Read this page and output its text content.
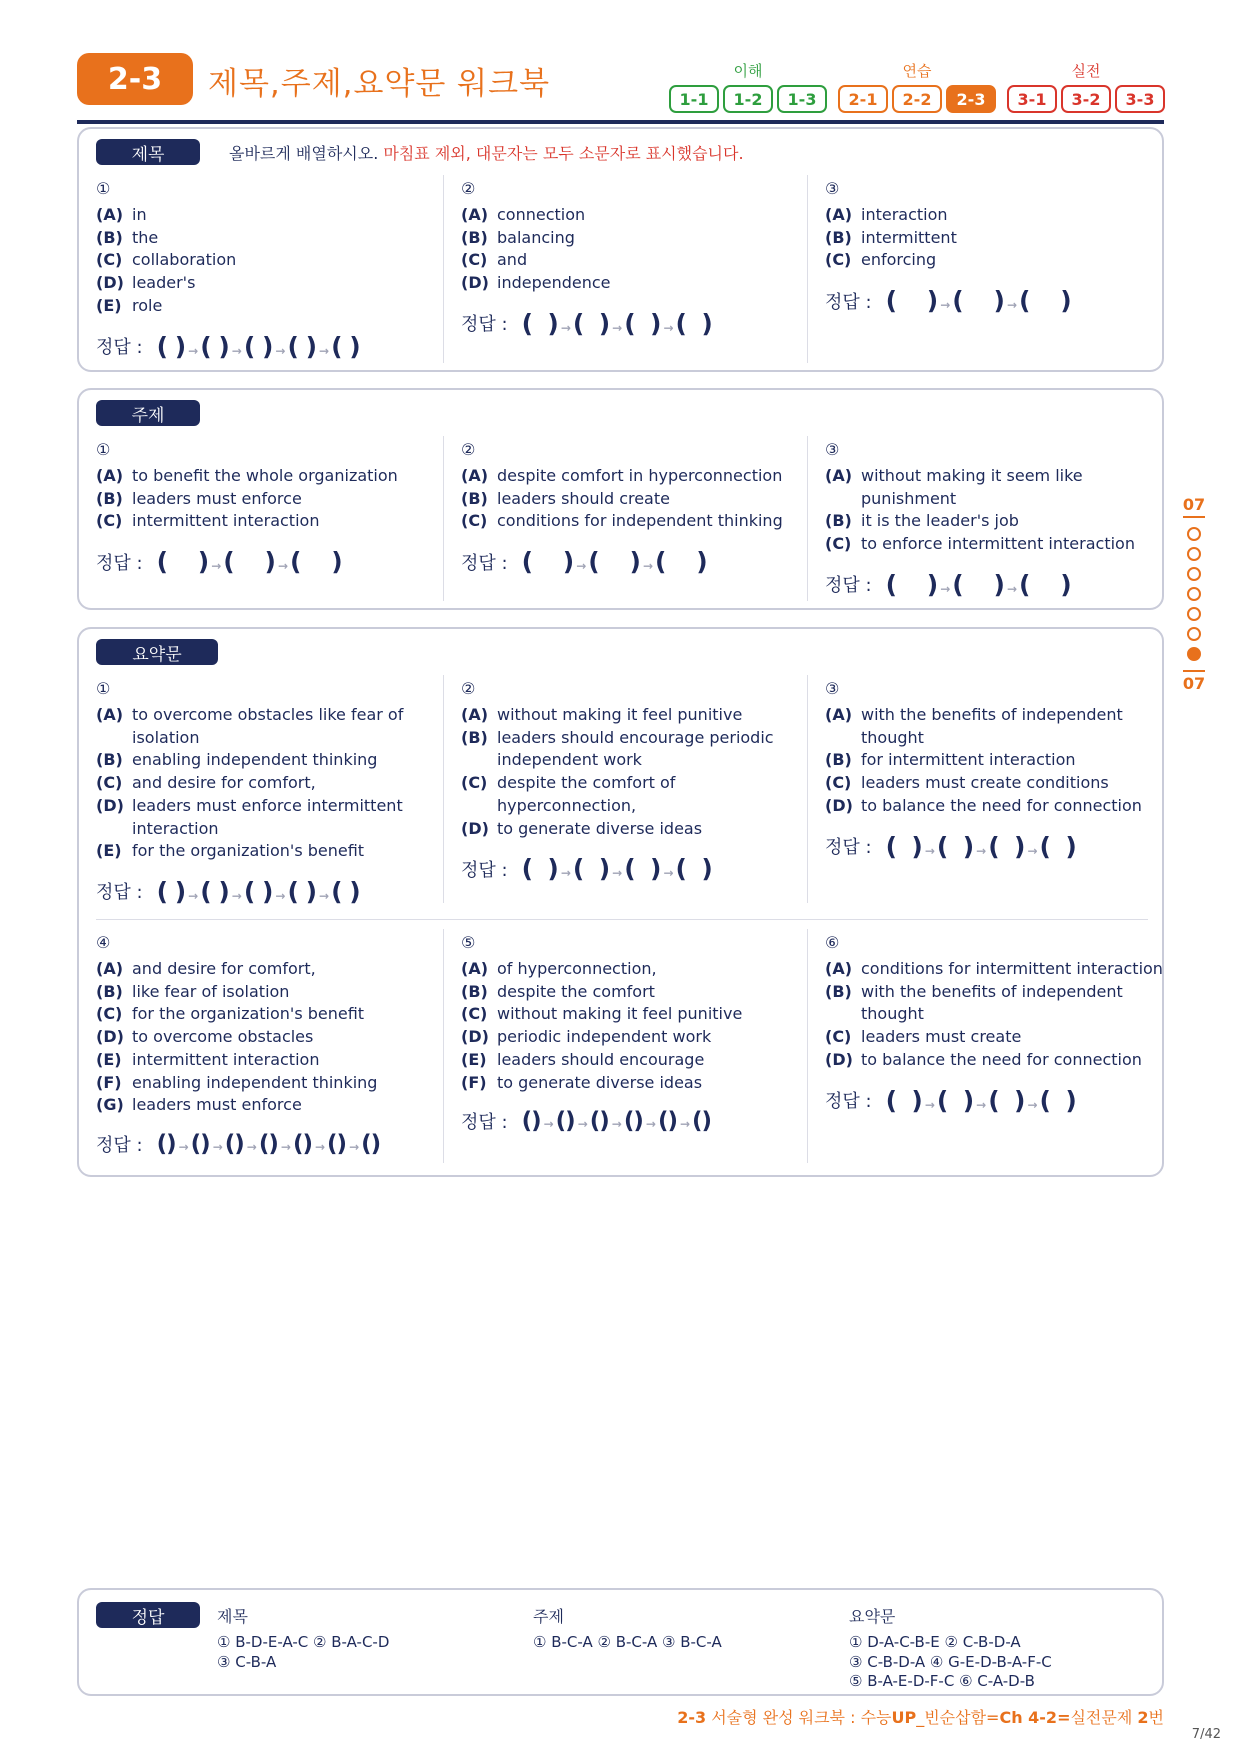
2-3	제목,주제,요약문 워크북	이해
1-1	1-2	1-3
연습
2-1	2-2	2-3
실전
3-1	3-2	3-3
제목	올바르게 배열하시오. 마침표 제외, 대문자는 모두 소문자로 표시했습니다.
①
(A) in
(B) the
(C) collaboration
(D) leader's
(E) role
정답 : ( ) → ( ) → ( ) → ( ) → ( )
②
(A) connection
(B) balancing
(C) and
(D) independence
정답 : (  ) → (  ) → (  ) → (  )
③
(A) interaction
(B) intermittent
(C) enforcing
정답 : (    ) → (    ) → (    )
주제
①
(A) to benefit the whole organization
(B) leaders must enforce
(C) intermittent interaction
정답 : (    ) → (    ) → (    )
②
(A) despite comfort in hyperconnection
(B) leaders should create
(C) conditions for independent thinking
정답 : (    ) → (    ) → (    )
③
(A) without making it seem like punishment
(B) it is the leader's job
(C) to enforce intermittent interaction
정답 : (    ) → (    ) → (    )
요약문
①
(A) to overcome obstacles like fear of isolation
(B) enabling independent thinking
(C) and desire for comfort,
(D) leaders must enforce intermittent interaction
(E) for the organization's benefit
정답 : ( ) → ( ) → ( ) → ( ) → ( )
②
(A) without making it feel punitive
(B) leaders should encourage periodic independent work
(C) despite the comfort of hyperconnection,
(D) to generate diverse ideas
정답 : (  ) → (  ) → (  ) → (  )
③
(A) with the benefits of independent thought
(B) for intermittent interaction
(C) leaders must create conditions
(D) to balance the need for connection
정답 : (  ) → (  ) → (  ) → (  )
④
(A) and desire for comfort,
(B) like fear of isolation
(C) for the organization's benefit
(D) to overcome obstacles
(E) intermittent interaction
(F) enabling independent thinking
(G) leaders must enforce
정답 : () → () → () → () → () → () → ()
⑤
(A) of hyperconnection,
(B) despite the comfort
(C) without making it feel punitive
(D) periodic independent work
(E) leaders should encourage
(F) to generate diverse ideas
정답 : () → () → () → () → () → ()
⑥
(A) conditions for intermittent interaction
(B) with the benefits of independent thought
(C) leaders must create
(D) to balance the need for connection
정답 : (  ) → (  ) → (  ) → (  )
07
07
정답	제목
① B-D-E-A-C ② B-A-C-D
③ C-B-A
주제
① B-C-A ② B-C-A ③ B-C-A
요약문
① D-A-C-B-E ② C-B-D-A
③ C-B-D-A ④ G-E-D-B-A-F-C
⑤ B-A-E-D-F-C ⑥ C-A-D-B
2-3 서술형 완성 워크북 : 수능UP_빈순삽함=Ch 4-2=실전문제 2번
7/42
